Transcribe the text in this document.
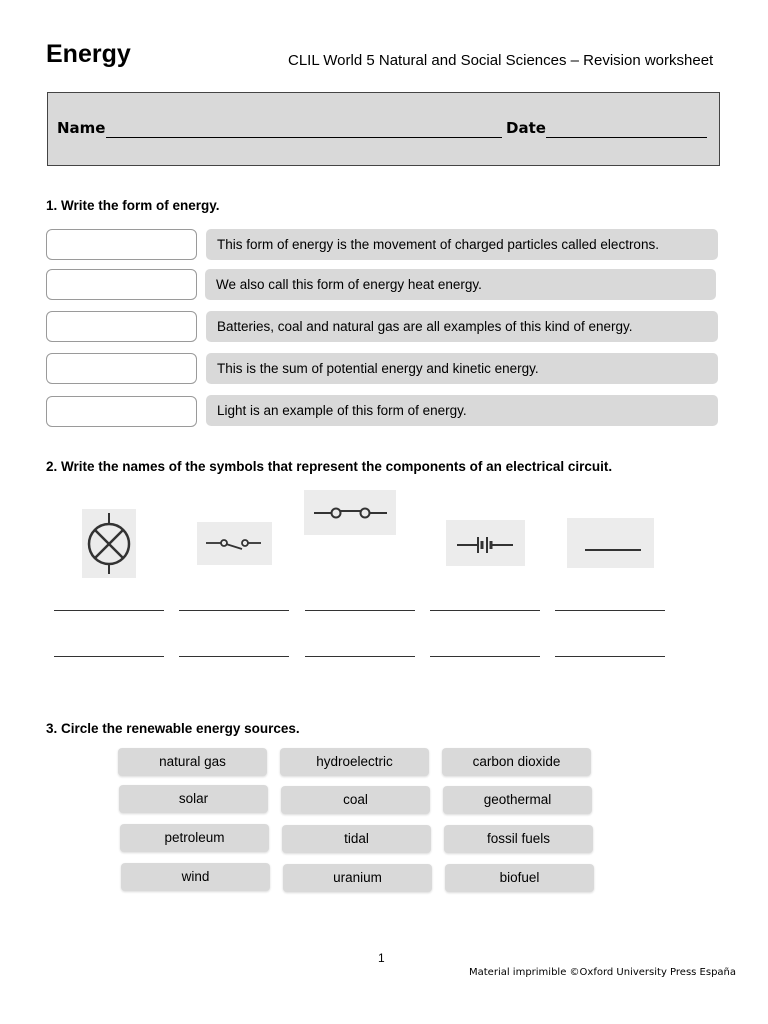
Energy	CLIL World 5 Natural and Social Sciences – Revision worksheet
Name	Date
1. Write the form of energy.
This form of energy is the movement of charged particles called electrons.
We also call this form of energy heat energy.
Batteries, coal and natural gas are all examples of this kind of energy.
This is the sum of potential energy and kinetic energy.
Light is an example of this form of energy.
2. Write the names of the symbols that represent the components of an electrical circuit.
3. Circle the renewable energy sources.
natural gas	hydroelectric	carbon dioxide
solar	coal	geothermal
petroleum	tidal	fossil fuels
wind	uranium	biofuel
1
Material imprimible ©Oxford University Press España
